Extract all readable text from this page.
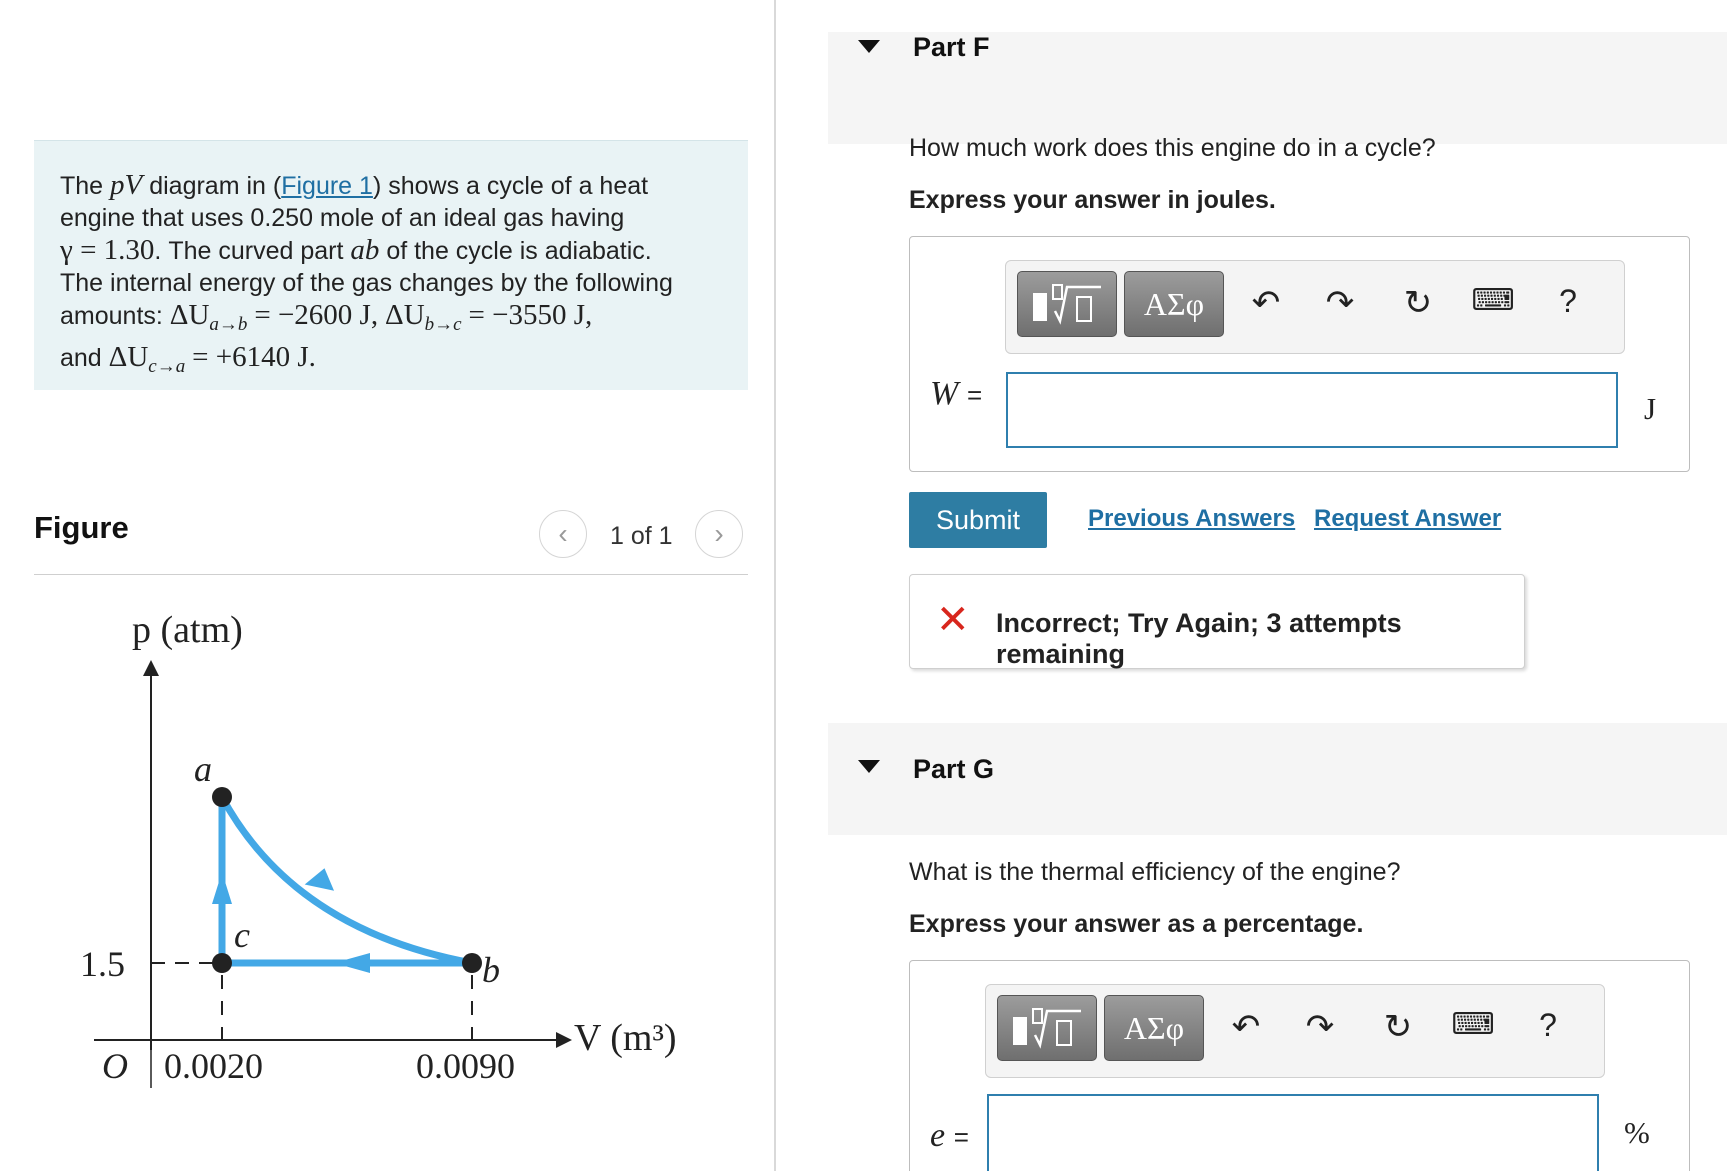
The pV diagram in (Figure 1) shows a cycle of a heat
engine that uses 0.250 mole of an ideal gas having
γ = 1.30. The curved part ab of the cycle is adiabatic.
The internal energy of the gas changes by the following
amounts: $\Delta U_{a\to b} = -2600$ J, $\Delta U_{b\to c} = -3550$ J,
and $\Delta U_{c\to a} = +6140$ J.
Figure	‹ 1 of 1 ›
p (atm)
V (m³)
O
1.5
0.0020	0.0090
a
b
c
Part F
How much work does this engine do in a cycle?
Express your answer in joules.
ΑΣφ	↶ ↷ ↻ ⌨	?
W =	J
Submit	Previous Answers Request Answer
✕ Incorrect; Try Again; 3 attempts remaining
Part G
What is the thermal efficiency of the engine?
Express your answer as a percentage.
ΑΣφ	↶ ↷ ↻ ⌨	?
e =	%
